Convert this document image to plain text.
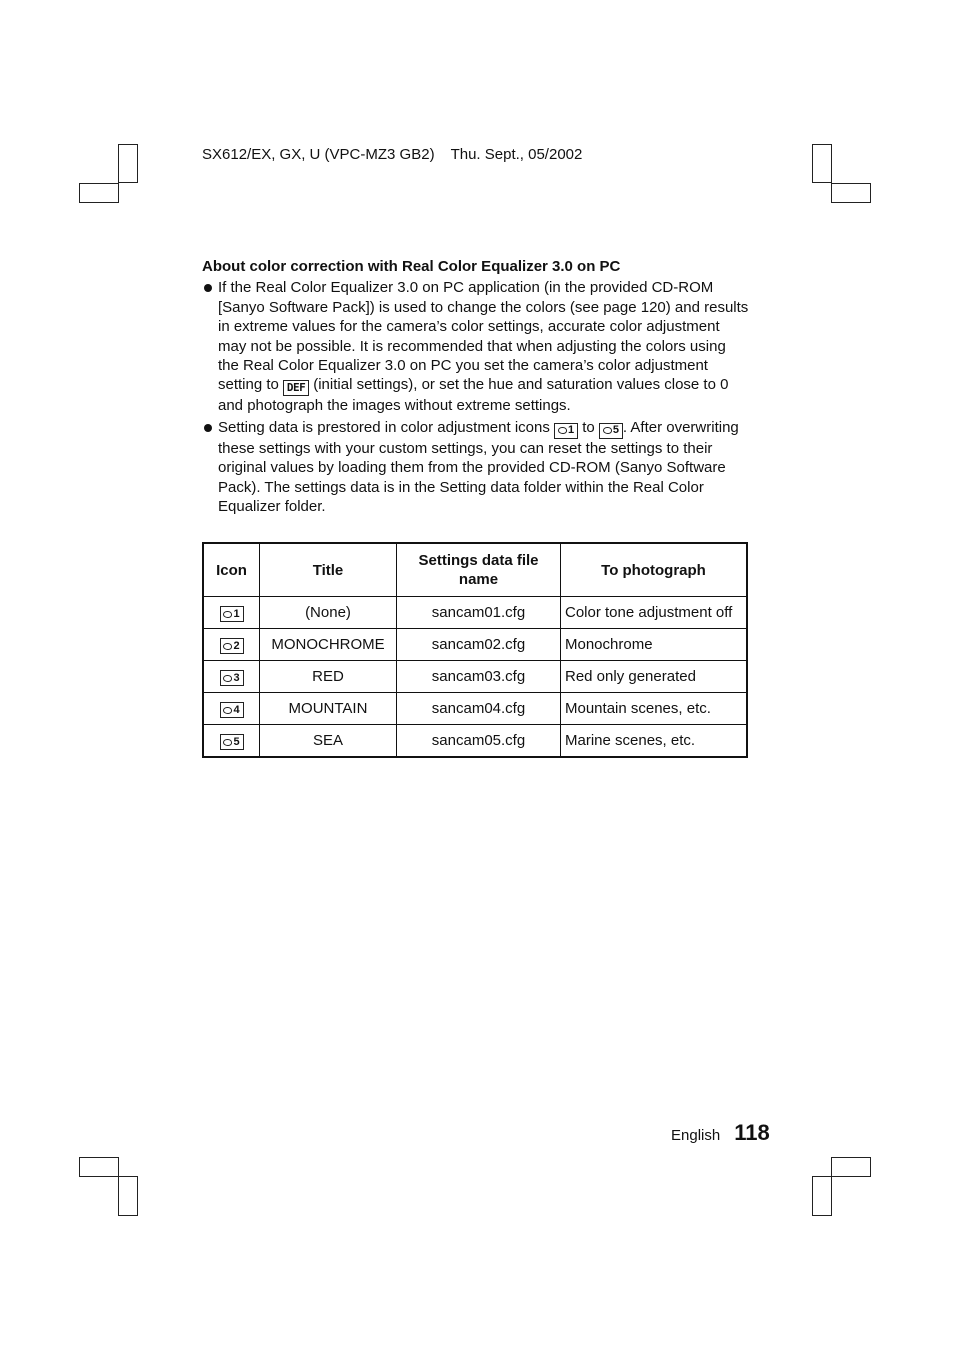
SX612/EX, GX, U (VPC-MZ3 GB2) Thu. Sept., 05/2002
About color correction with Real Color Equalizer 3.0 on PC
If the Real Color Equalizer 3.0 on PC application (in the provided CD-ROM [Sanyo Software Pack]) is used to change the colors (see page 120) and results in extreme values for the camera’s color settings, accurate color adjustment may not be possible. It is recommended that when adjusting the colors using the Real Color Equalizer 3.0 on PC you set the camera’s color adjustment setting to DEF (initial settings), or set the hue and saturation values close to 0 and photograph the images without extreme settings.
Setting data is prestored in color adjustment icons 1 to 5 . After overwriting these settings with your custom settings, you can reset the settings to their original values by loading them from the provided CD-ROM (Sanyo Software Pack). The settings data is in the Setting data folder within the Real Color Equalizer folder.
Icon	Title	Settings data file name	To photograph

1	(None)	sancam01.cfg	Color tone adjustment off

2	MONOCHROME	sancam02.cfg	Monochrome

3	RED	sancam03.cfg	Red only generated

4	MOUNTAIN	sancam04.cfg	Mountain scenes, etc.

5	SEA	sancam05.cfg	Marine scenes, etc.
English 118
